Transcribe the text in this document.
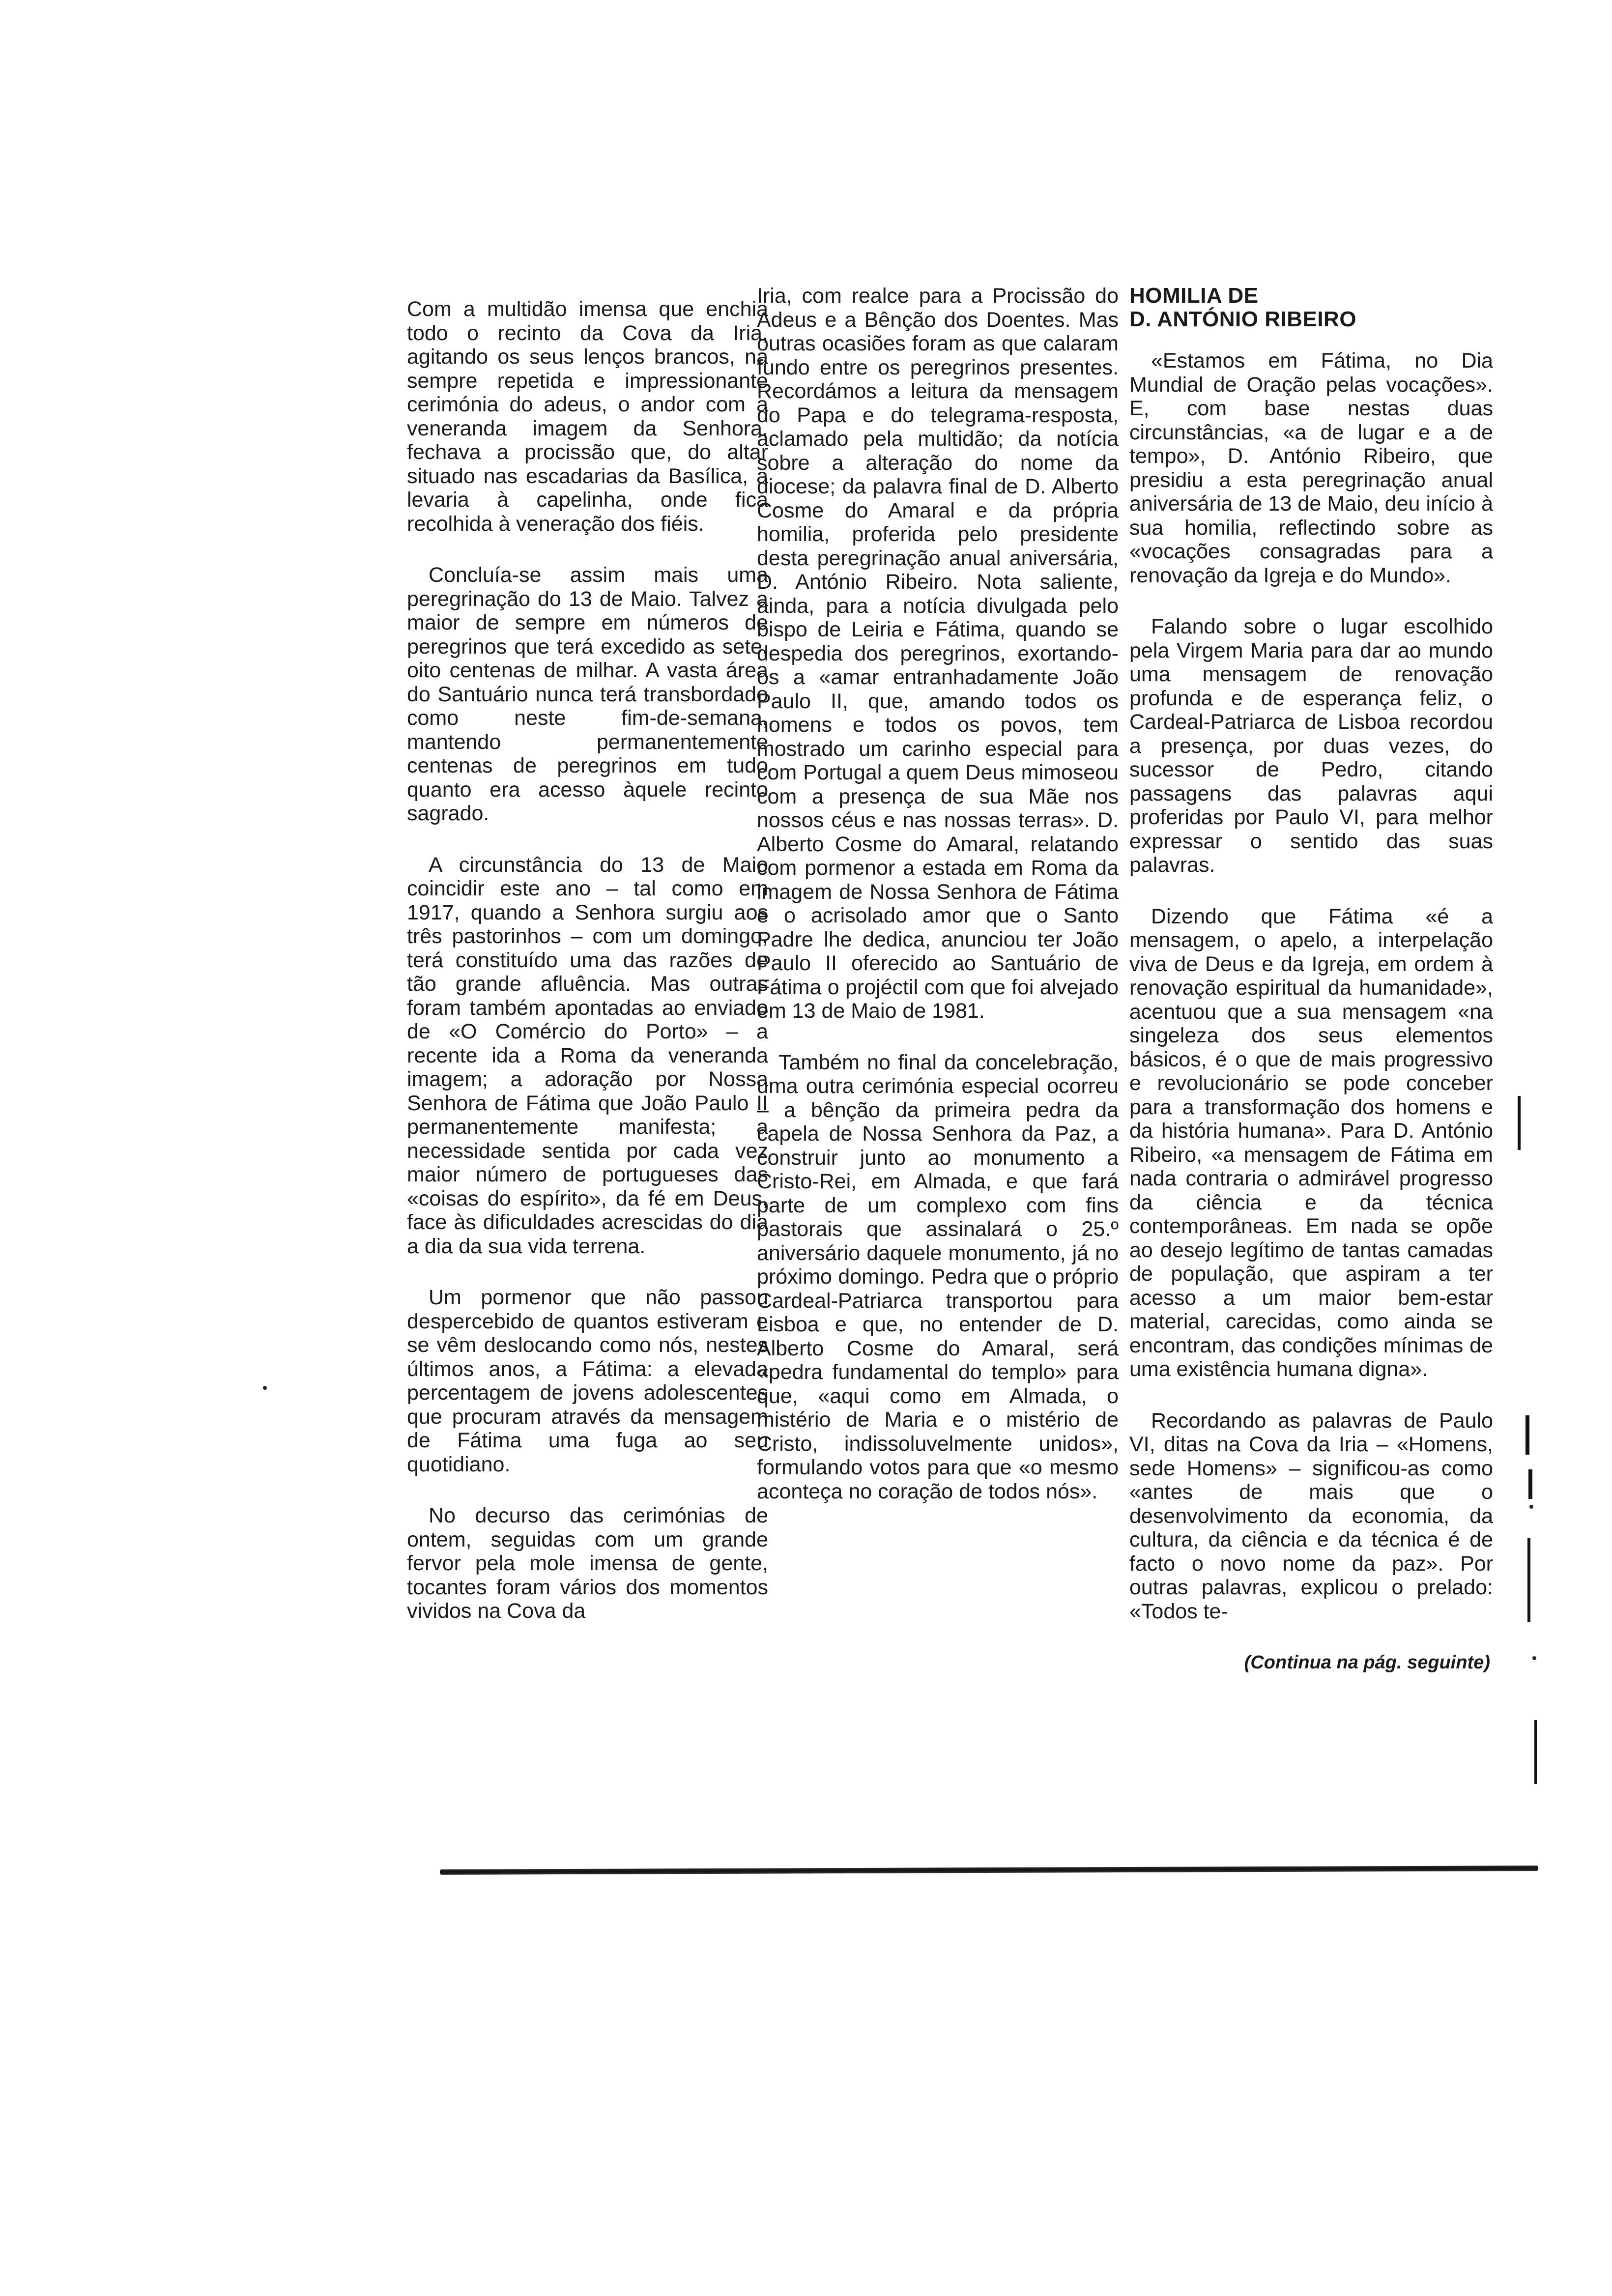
Com a multidão imensa que enchia todo o recinto da Cova da Iria, agitando os seus lenços brancos, na sempre repetida e impressionante cerimónia do adeus, o andor com a veneranda imagem da Senhora, fechava a procissão que, do altar situado nas escadarias da Basílica, a levaria à capelinha, onde fica recolhida à veneração dos fiéis.

Concluía-se assim mais uma peregrinação do 13 de Maio. Talvez a maior de sempre em números de peregrinos que terá excedido as sete, oito centenas de milhar. A vasta área do Santuário nunca terá transbordado como neste fim-de-semana, mantendo permanentemente centenas de peregrinos em tudo quanto era acesso àquele recinto sagrado.

A circunstância do 13 de Maio coincidir este ano – tal como em 1917, quando a Senhora surgiu aos três pastorinhos – com um domingo, terá constituído uma das razões de tão grande afluência. Mas outras foram também apontadas ao enviado de «O Comércio do Porto» – a recente ida a Roma da veneranda imagem; a adoração por Nossa Senhora de Fátima que João Paulo II permanentemente manifesta; a necessidade sentida por cada vez maior número de portugueses das «coisas do espírito», da fé em Deus, face às dificuldades acrescidas do dia a dia da sua vida terrena.

Um pormenor que não passou despercebido de quantos estiveram e se vêm deslocando como nós, nestes últimos anos, a Fátima: a elevada percentagem de jovens adolescentes que procuram através da mensagem de Fátima uma fuga ao seu quotidiano.

No decurso das cerimónias de ontem, seguidas com um grande fervor pela mole imensa de gente, tocantes foram vários dos momentos vividos na Cova da

Iria, com realce para a Procissão do Adeus e a Bênção dos Doentes. Mas outras ocasiões foram as que calaram fundo entre os peregrinos presentes. Recordámos a leitura da mensagem do Papa e do telegrama-resposta, aclamado pela multidão; da notícia sobre a alteração do nome da diocese; da palavra final de D. Alberto Cosme do Amaral e da própria homilia, proferida pelo presidente desta peregrinação anual aniversária, D. António Ribeiro. Nota saliente, ainda, para a notícia divulgada pelo bispo de Leiria e Fátima, quando se despedia dos peregrinos, exortando-os a «amar entranhadamente João Paulo II, que, amando todos os homens e todos os povos, tem mostrado um carinho especial para com Portugal a quem Deus mimoseou com a presença de sua Mãe nos nossos céus e nas nossas terras». D. Alberto Cosme do Amaral, relatando com pormenor a estada em Roma da imagem de Nossa Senhora de Fátima e o acrisolado amor que o Santo Padre lhe dedica, anunciou ter João Paulo II oferecido ao Santuário de Fátima o projéctil com que foi alvejado em 13 de Maio de 1981.

Também no final da concelebração, uma outra cerimónia especial ocorreu – a bênção da primeira pedra da capela de Nossa Senhora da Paz, a construir junto ao monumento a Cristo-Rei, em Almada, e que fará parte de um complexo com fins pastorais que assinalará o 25.º aniversário daquele monumento, já no próximo domingo. Pedra que o próprio Cardeal-Patriarca transportou para Lisboa e que, no entender de D. Alberto Cosme do Amaral, será «pedra fundamental do templo» para que, «aqui como em Almada, o mistério de Maria e o mistério de Cristo, indissoluvelmente unidos», formulando votos para que «o mesmo aconteça no coração de todos nós».

HOMILIA DE
D. ANTÓNIO RIBEIRO

«Estamos em Fátima, no Dia Mundial de Oração pelas vocações». E, com base nestas duas circunstâncias, «a de lugar e a de tempo», D. António Ribeiro, que presidiu a esta peregrinação anual aniversária de 13 de Maio, deu início à sua homilia, reflectindo sobre as «vocações consagradas para a renovação da Igreja e do Mundo».

Falando sobre o lugar escolhido pela Virgem Maria para dar ao mundo uma mensagem de renovação profunda e de esperança feliz, o Cardeal-Patriarca de Lisboa recordou a presença, por duas vezes, do sucessor de Pedro, citando passagens das palavras aqui proferidas por Paulo VI, para melhor expressar o sentido das suas palavras.

Dizendo que Fátima «é a mensagem, o apelo, a interpelação viva de Deus e da Igreja, em ordem à renovação espiritual da humanidade», acentuou que a sua mensagem «na singeleza dos seus elementos básicos, é o que de mais progressivo e revolucionário se pode conceber para a transformação dos homens e da história humana». Para D. António Ribeiro, «a mensagem de Fátima em nada contraria o admirável progresso da ciência e da técnica contemporâneas. Em nada se opõe ao desejo legítimo de tantas camadas de população, que aspiram a ter acesso a um maior bem-estar material, carecidas, como ainda se encontram, das condições mínimas de uma existência humana digna».

Recordando as palavras de Paulo VI, ditas na Cova da Iria – «Homens, sede Homens» – significou-as como «antes de mais que o desenvolvimento da economia, da cultura, da ciência e da técnica é de facto o novo nome da paz». Por outras palavras, explicou o prelado: «Todos te-

(Continua na pág. seguinte)
